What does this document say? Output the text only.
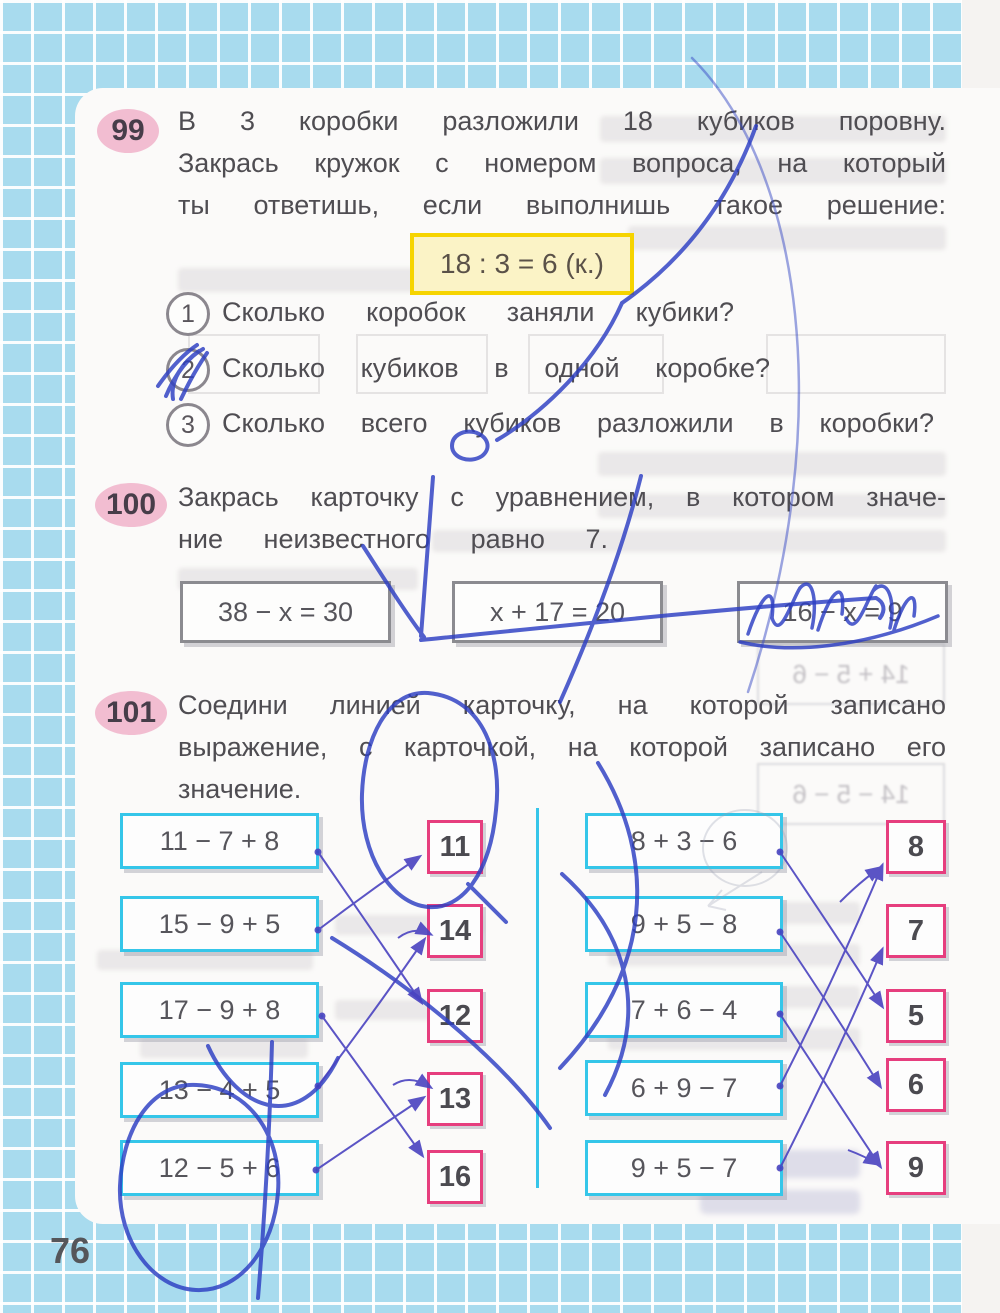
14 + 5 − 6
14 − 5 − 6
99	В 3 коробки разложили 18 кубиков поровну.
Закрась кружок с номером вопроса, на который
ты ответишь, если выполнишь такое решение:
18 : 3 = 6 (к.)
1	Сколько коробок заняли кубики?
2	Сколько кубиков в одной коробке?
3	Сколько всего кубиков разложили в коробки?
100 Закрась карточку с уравнением, в котором значе-
ние неизвестного равно 7.
38 − x = 30	x + 17 = 20	16 − x = 9
101 Соедини линией карточку, на которой записано
выражение, с карточкой, на которой записано его
значение.
11 − 7 + 8
15 − 9 + 5
17 − 9 + 8
13 − 4 + 5
12 − 5 + 6
11
14
12
13
16
8 + 3 − 6
9 + 5 − 8
7 + 6 − 4
6 + 9 − 7
9 + 5 − 7
8
7
5
6
9
76
